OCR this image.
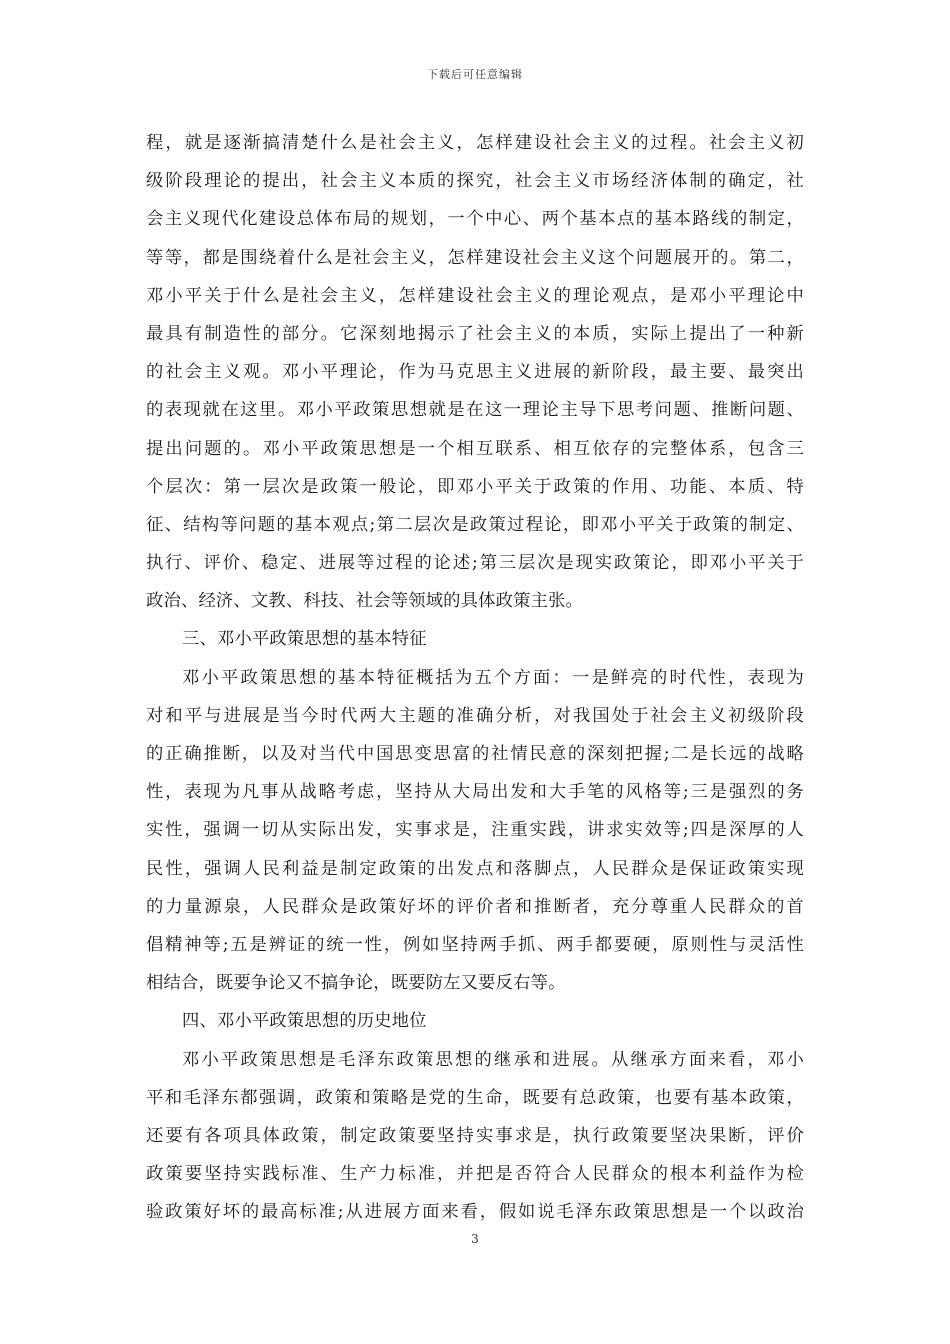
下载后可任意编辑
程，就是逐渐搞清楚什么是社会主义，怎样建设社会主义的过程。社会主义初
级阶段理论的提出，社会主义本质的探究，社会主义市场经济体制的确定，社
会主义现代化建设总体布局的规划，一个中心、两个基本点的基本路线的制定，
等等，都是围绕着什么是社会主义，怎样建设社会主义这个问题展开的。第二，
邓小平关于什么是社会主义，怎样建设社会主义的理论观点，是邓小平理论中
最具有制造性的部分。它深刻地揭示了社会主义的本质，实际上提出了一种新
的社会主义观。邓小平理论，作为马克思主义进展的新阶段，最主要、最突出
的表现就在这里。邓小平政策思想就是在这一理论主导下思考问题、推断问题、
提出问题的。邓小平政策思想是一个相互联系、相互依存的完整体系，包含三
个层次：第一层次是政策一般论，即邓小平关于政策的作用、功能、本质、特
征、结构等问题的基本观点;第二层次是政策过程论，即邓小平关于政策的制定、
执行、评价、稳定、进展等过程的论述;第三层次是现实政策论，即邓小平关于
政治、经济、文教、科技、社会等领域的具体政策主张。
三、邓小平政策思想的基本特征
邓小平政策思想的基本特征概括为五个方面：一是鲜亮的时代性，表现为
对和平与进展是当今时代两大主题的准确分析，对我国处于社会主义初级阶段
的正确推断，以及对当代中国思变思富的社情民意的深刻把握;二是长远的战略
性，表现为凡事从战略考虑，坚持从大局出发和大手笔的风格等;三是强烈的务
实性，强调一切从实际出发，实事求是，注重实践，讲求实效等;四是深厚的人
民性，强调人民利益是制定政策的出发点和落脚点，人民群众是保证政策实现
的力量源泉，人民群众是政策好坏的评价者和推断者，充分尊重人民群众的首
倡精神等;五是辨证的统一性，例如坚持两手抓、两手都要硬，原则性与灵活性
相结合，既要争论又不搞争论，既要防左又要反右等。
四、邓小平政策思想的历史地位
邓小平政策思想是毛泽东政策思想的继承和进展。从继承方面来看，邓小
平和毛泽东都强调，政策和策略是党的生命，既要有总政策，也要有基本政策，
还要有各项具体政策，制定政策要坚持实事求是，执行政策要坚决果断，评价
政策要坚持实践标准、生产力标准，并把是否符合人民群众的根本利益作为检
验政策好坏的最高标准;从进展方面来看，假如说毛泽东政策思想是一个以政治
3
